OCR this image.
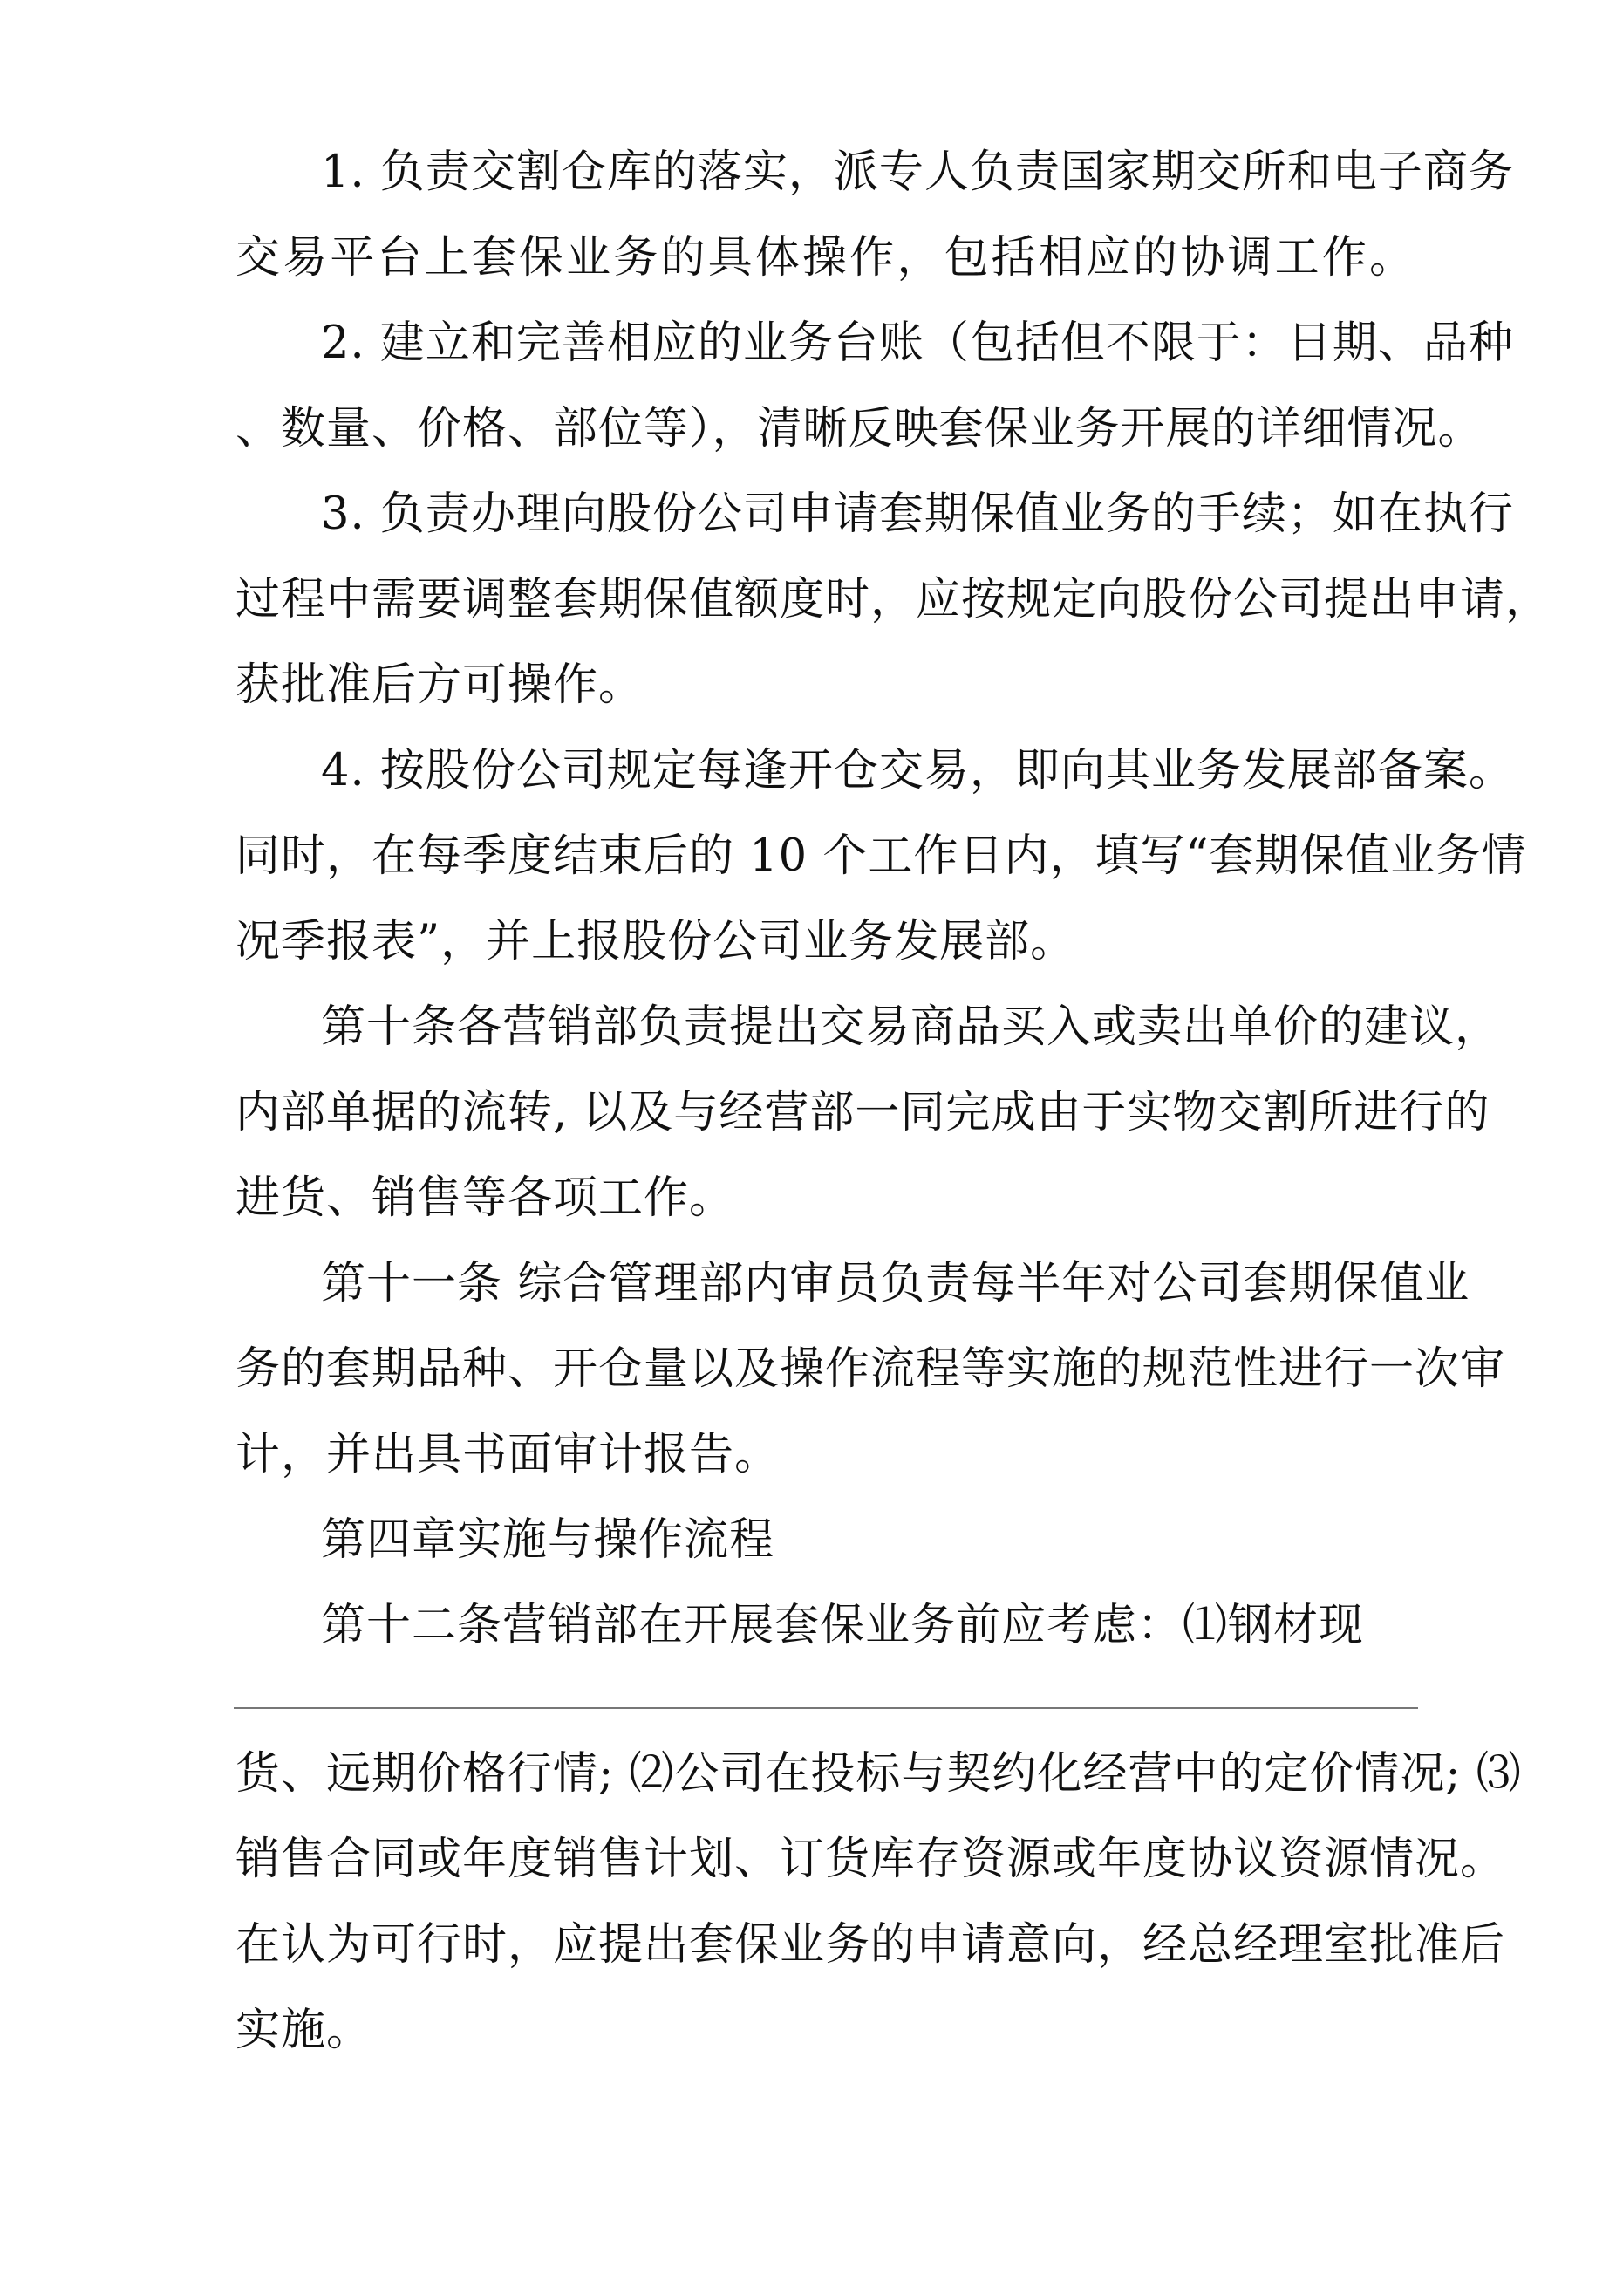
1. 负责交割仓库的落实，派专人负责国家期交所和电子商务
交易平台上套保业务的具体操作，包括相应的协调工作。
2. 建立和完善相应的业务台账（包括但不限于：日期、品种
、数量、价格、部位等），清晰反映套保业务开展的详细情况。
3. 负责办理向股份公司申请套期保值业务的手续；如在执行
过程中需要调整套期保值额度时，应按规定向股份公司提出申请，
获批准后方可操作。
4. 按股份公司规定每逢开仓交易，即向其业务发展部备案。
同时，在每季度结束后的 10 个工作日内，填写“套期保值业务情
况季报表”，并上报股份公司业务发展部。
第十条各营销部负责提出交易商品买入或卖出单价的建议，
内部单据的流转, 以及与经营部一同完成由于实物交割所进行的
进货、销售等各项工作。
第十一条 综合管理部内审员负责每半年对公司套期保值业
务的套期品种、开仓量以及操作流程等实施的规范性进行一次审
计，并出具书面审计报告。
第四章实施与操作流程
第十二条营销部在开展套保业务前应考虑：⑴钢材现
货、远期价格行情; ⑵公司在投标与契约化经营中的定价情况; ⑶
销售合同或年度销售计划、订货库存资源或年度协议资源情况。
在认为可行时，应提出套保业务的申请意向，经总经理室批准后
实施。
